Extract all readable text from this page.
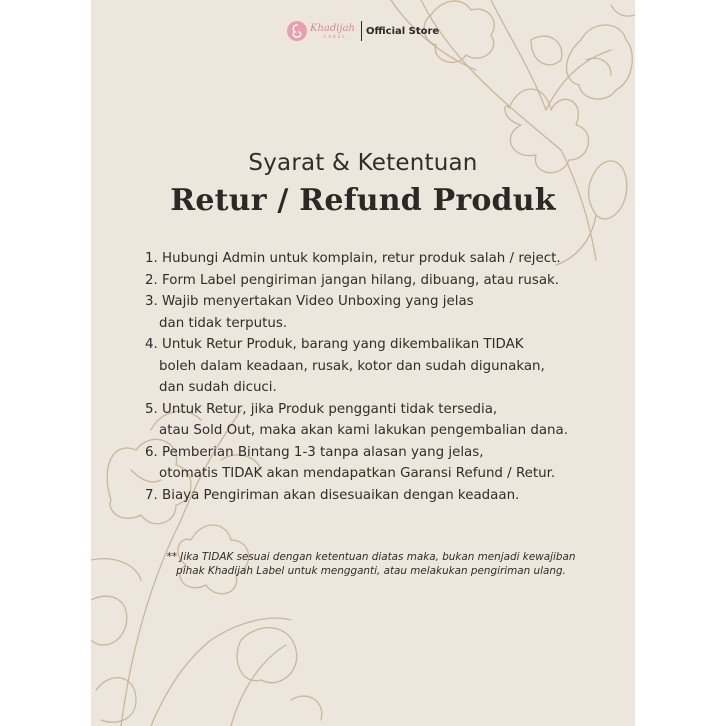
Khadijah
LABEL	Official Store
Syarat & Ketentuan
Retur / Refund Produk
1. Hubungi Admin untuk komplain, retur produk salah / reject.
2. Form Label pengiriman jangan hilang, dibuang, atau rusak.
3. Wajib menyertakan Video Unboxing yang jelas
dan tidak terputus.
4. Untuk Retur Produk, barang yang dikembalikan TIDAK
boleh dalam keadaan, rusak, kotor dan sudah digunakan,
dan sudah dicuci.
5. Untuk Retur, jika Produk pengganti tidak tersedia,
atau Sold Out, maka akan kami lakukan pengembalian dana.
6. Pemberian Bintang 1-3 tanpa alasan yang jelas,
otomatis TIDAK akan mendapatkan Garansi Refund / Retur.
7. Biaya Pengiriman akan disesuaikan dengan keadaan.
** Jika TIDAK sesuai dengan ketentuan diatas maka, bukan menjadi kewajiban
pihak Khadijah Label untuk mengganti, atau melakukan pengiriman ulang.
